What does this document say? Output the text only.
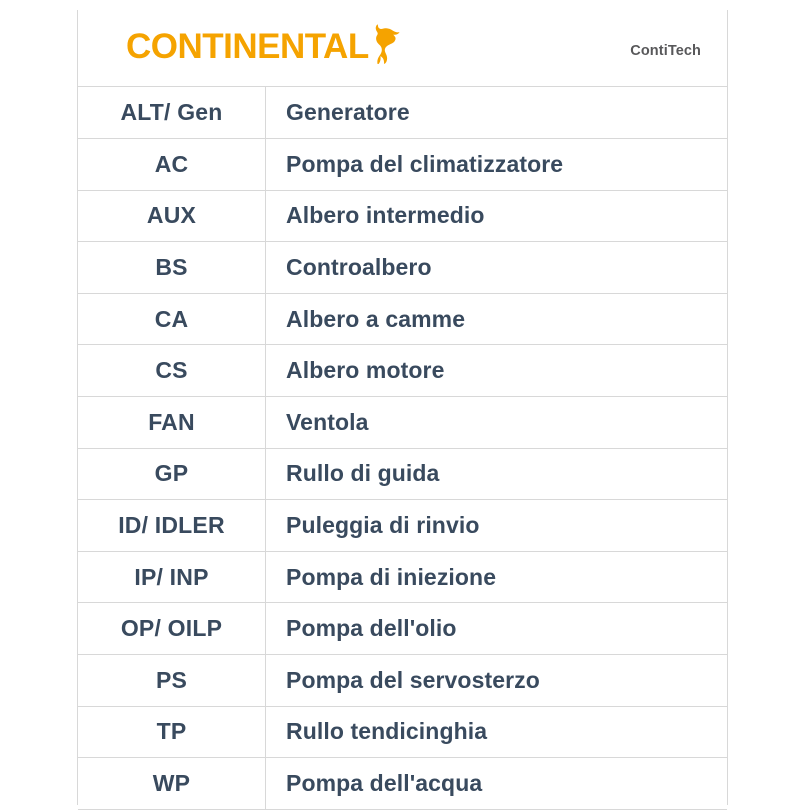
CONTINENTAL	ContiTech
ALT/ Gen	Generatore
AC	Pompa del climatizzatore
AUX	Albero intermedio
BS	Controalbero
CA	Albero a camme
CS	Albero motore
FAN	Ventola
GP	Rullo di guida
ID/ IDLER	Puleggia di rinvio
IP/ INP	Pompa di iniezione
OP/ OILP	Pompa dell'olio
PS	Pompa del servosterzo
TP	Rullo tendicinghia
WP	Pompa dell'acqua
